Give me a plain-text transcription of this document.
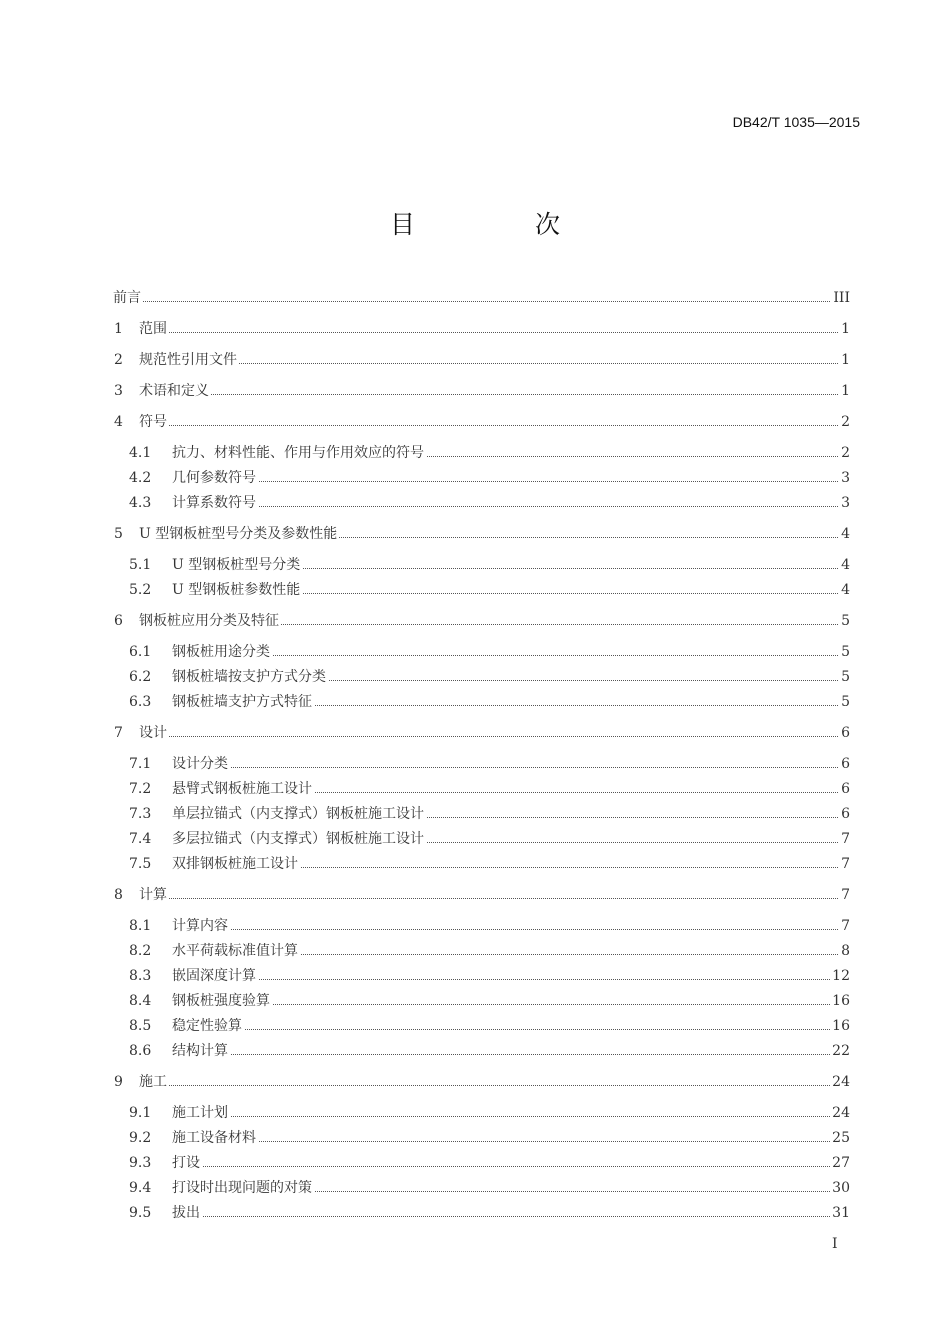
DB42/T 1035—2015
目 次
前言	III
1 范围	1
2 规范性引用文件	1
3 术语和定义	1
4 符号	2
4.1 抗力、材料性能、作用与作用效应的符号	2
4.2 几何参数符号	3
4.3 计算系数符号	3
5 U 型钢板桩型号分类及参数性能	4
5.1 U 型钢板桩型号分类	4
5.2 U 型钢板桩参数性能	4
6 钢板桩应用分类及特征	5
6.1 钢板桩用途分类	5
6.2 钢板桩墙按支护方式分类	5
6.3 钢板桩墙支护方式特征	5
7 设计	6
7.1 设计分类	6
7.2 悬臂式钢板桩施工设计	6
7.3 单层拉锚式（内支撑式）钢板桩施工设计	6
7.4 多层拉锚式（内支撑式）钢板桩施工设计	7
7.5 双排钢板桩施工设计	7
8 计算	7
8.1 计算内容	7
8.2 水平荷载标准值计算	8
8.3 嵌固深度计算	12
8.4 钢板桩强度验算	16
8.5 稳定性验算	16
8.6 结构计算	22
9 施工	24
9.1 施工计划	24
9.2 施工设备材料	25
9.3 打设	27
9.4 打设时出现问题的对策	30
9.5 拔出	31
I
